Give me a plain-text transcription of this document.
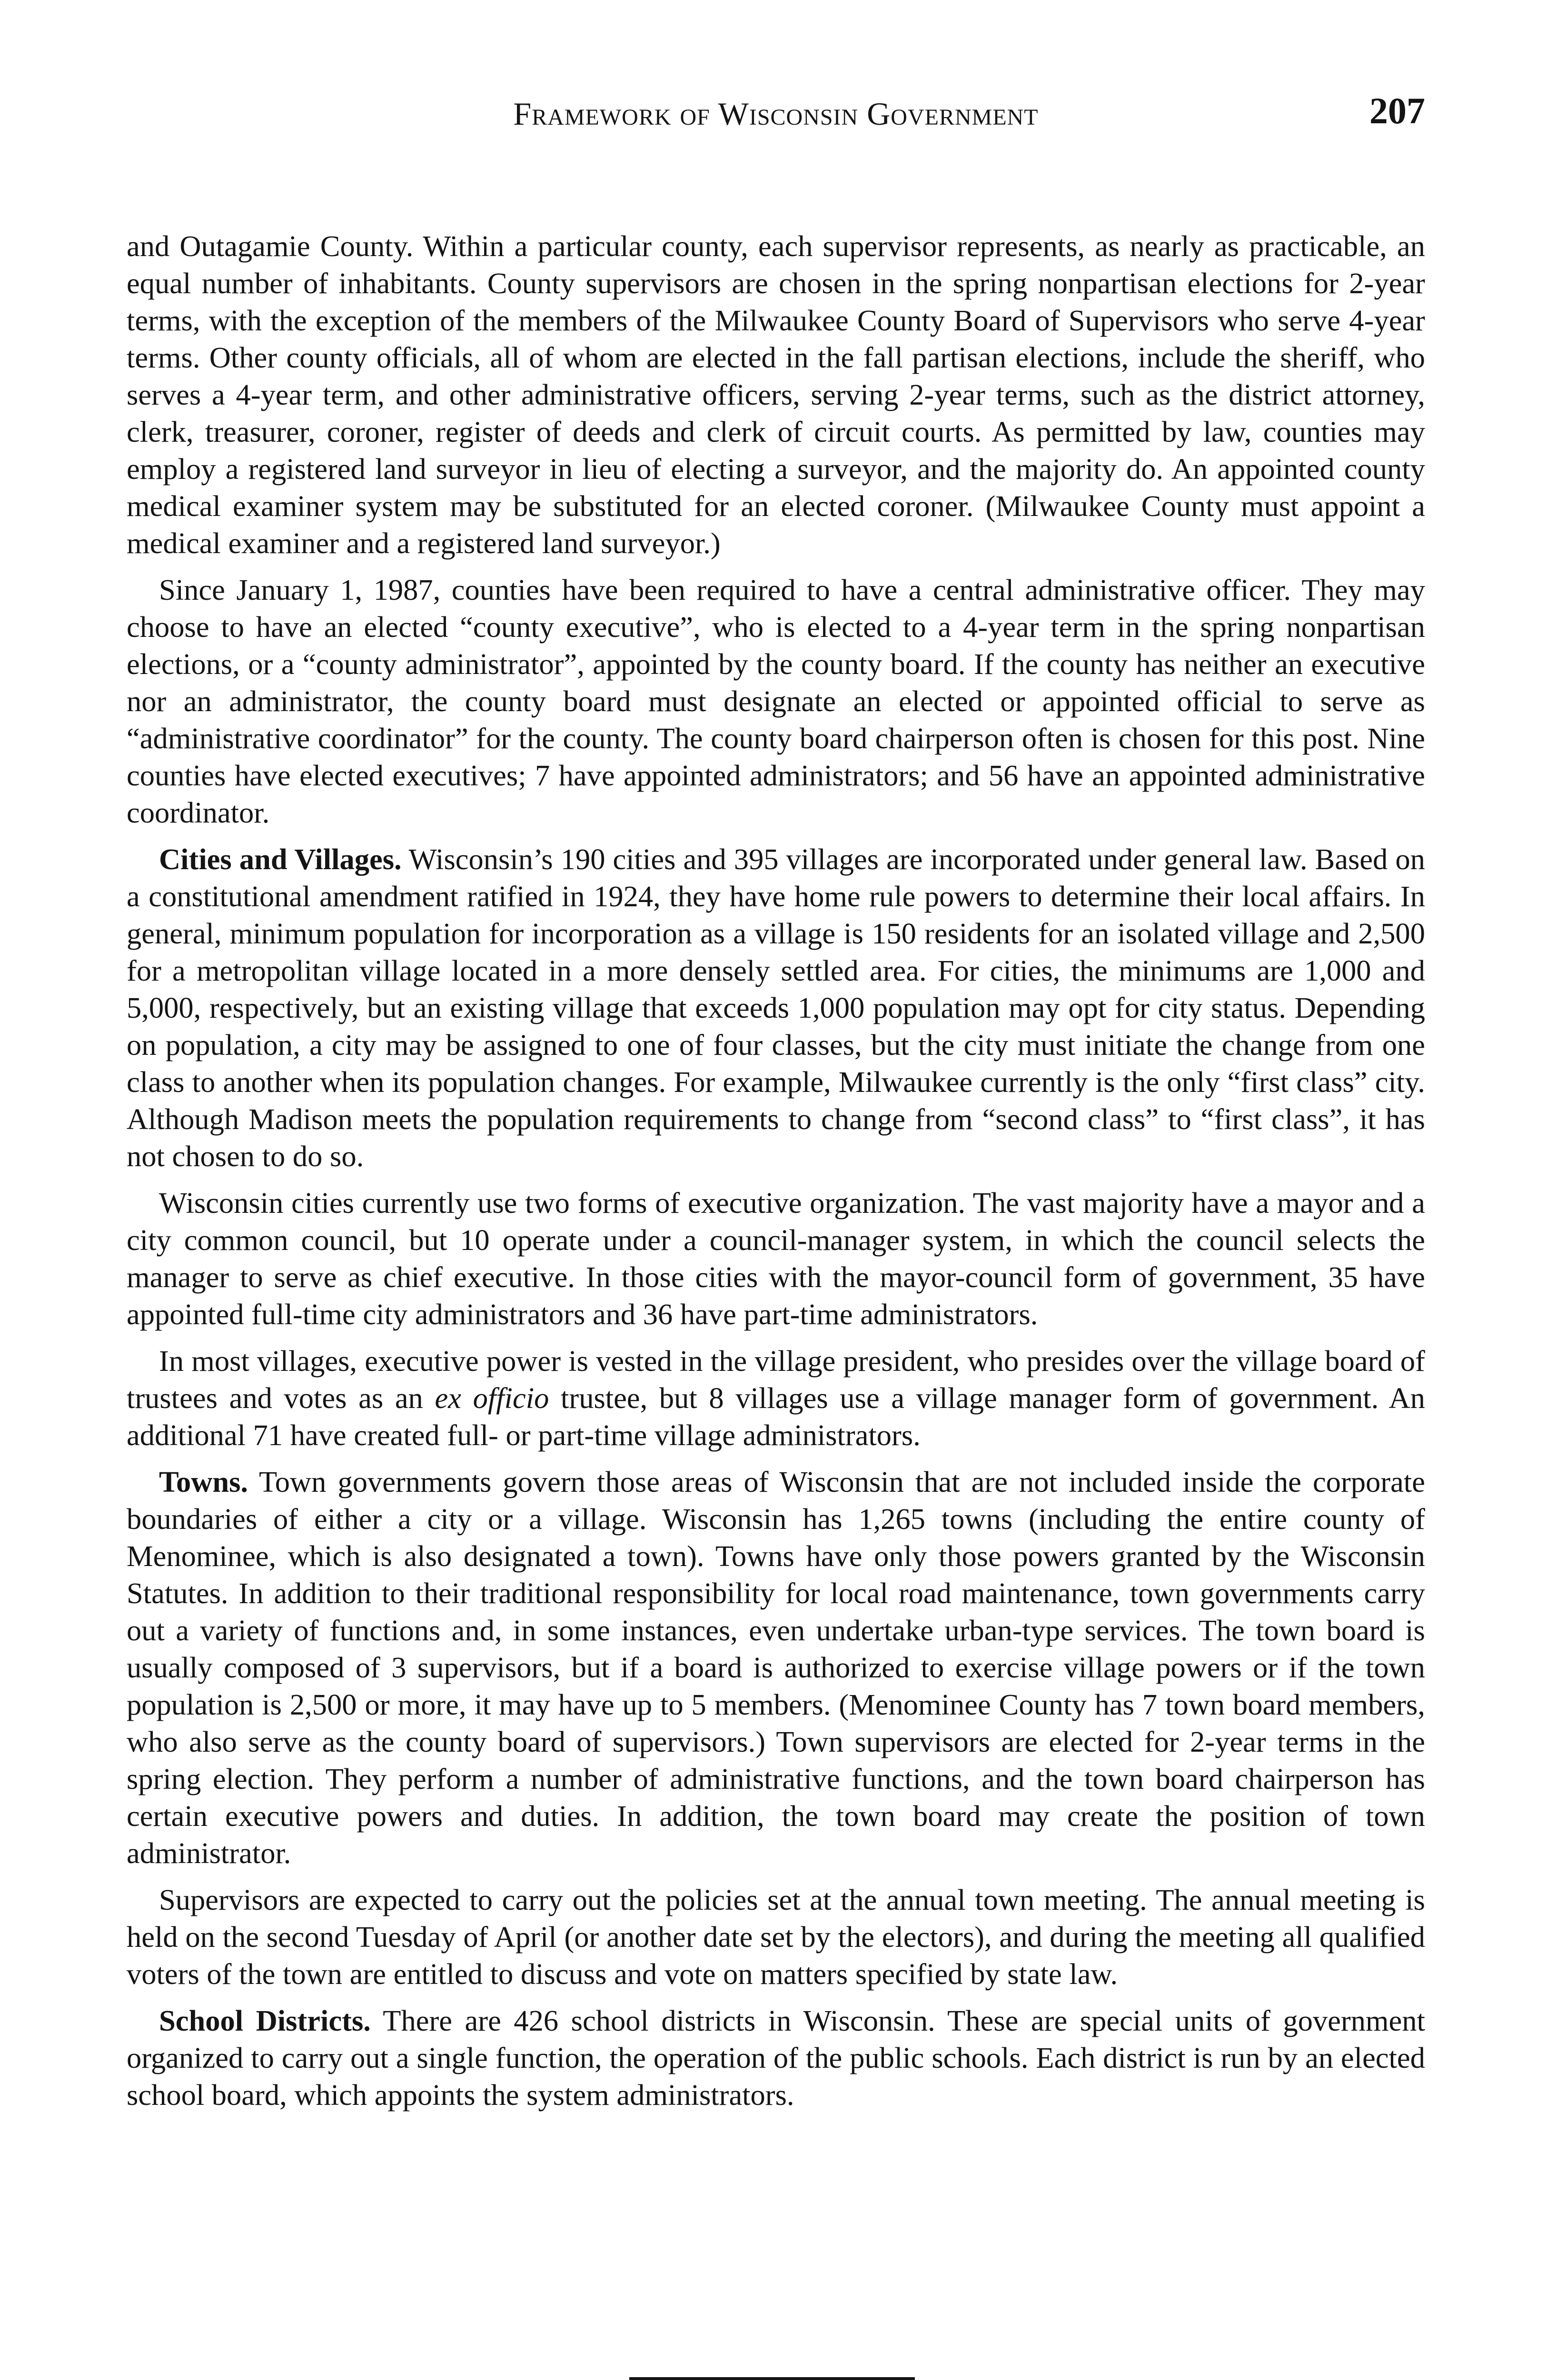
Framework of Wisconsin Government	207

and Outagamie County. Within a particular county, each supervisor represents, as nearly as practicable, an equal number of inhabitants. County supervisors are chosen in the spring nonpartisan elections for 2-year terms, with the exception of the members of the Milwaukee County Board of Supervisors who serve 4-year terms. Other county officials, all of whom are elected in the fall partisan elections, include the sheriff, who serves a 4-year term, and other administrative officers, serving 2-year terms, such as the district attorney, clerk, treasurer, coroner, register of deeds and clerk of circuit courts. As permitted by law, counties may employ a registered land surveyor in lieu of electing a surveyor, and the majority do. An appointed county medical examiner system may be substituted for an elected coroner. (Milwaukee County must appoint a medical examiner and a registered land surveyor.)

Since January 1, 1987, counties have been required to have a central administrative officer. They may choose to have an elected “county executive”, who is elected to a 4-year term in the spring nonpartisan elections, or a “county administrator”, appointed by the county board. If the county has neither an executive nor an administrator, the county board must designate an elected or appointed official to serve as “administrative coordinator” for the county. The county board chairperson often is chosen for this post. Nine counties have elected executives; 7 have appointed administrators; and 56 have an appointed administrative coordinator.

Cities and Villages. Wisconsin’s 190 cities and 395 villages are incorporated under general law. Based on a constitutional amendment ratified in 1924, they have home rule powers to determine their local affairs. In general, minimum population for incorporation as a village is 150 residents for an isolated village and 2,500 for a metropolitan village located in a more densely settled area. For cities, the minimums are 1,000 and 5,000, respectively, but an existing village that exceeds 1,000 population may opt for city status. Depending on population, a city may be assigned to one of four classes, but the city must initiate the change from one class to another when its population changes. For example, Milwaukee currently is the only “first class” city. Although Madison meets the population requirements to change from “second class” to “first class”, it has not chosen to do so.

Wisconsin cities currently use two forms of executive organization. The vast majority have a mayor and a city common council, but 10 operate under a council-manager system, in which the council selects the manager to serve as chief executive. In those cities with the mayor-council form of government, 35 have appointed full-time city administrators and 36 have part-time administrators.

In most villages, executive power is vested in the village president, who presides over the village board of trustees and votes as an ex officio trustee, but 8 villages use a village manager form of government. An additional 71 have created full- or part-time village administrators.

Towns. Town governments govern those areas of Wisconsin that are not included inside the corporate boundaries of either a city or a village. Wisconsin has 1,265 towns (including the entire county of Menominee, which is also designated a town). Towns have only those powers granted by the Wisconsin Statutes. In addition to their traditional responsibility for local road maintenance, town governments carry out a variety of functions and, in some instances, even undertake urban-type services. The town board is usually composed of 3 supervisors, but if a board is authorized to exercise village powers or if the town population is 2,500 or more, it may have up to 5 members. (Menominee County has 7 town board members, who also serve as the county board of supervisors.) Town supervisors are elected for 2-year terms in the spring election. They perform a number of administrative functions, and the town board chairperson has certain executive powers and duties. In addition, the town board may create the position of town administrator.

Supervisors are expected to carry out the policies set at the annual town meeting. The annual meeting is held on the second Tuesday of April (or another date set by the electors), and during the meeting all qualified voters of the town are entitled to discuss and vote on matters specified by state law.

School Districts. There are 426 school districts in Wisconsin. These are special units of government organized to carry out a single function, the operation of the public schools. Each district is run by an elected school board, which appoints the system administrators.
